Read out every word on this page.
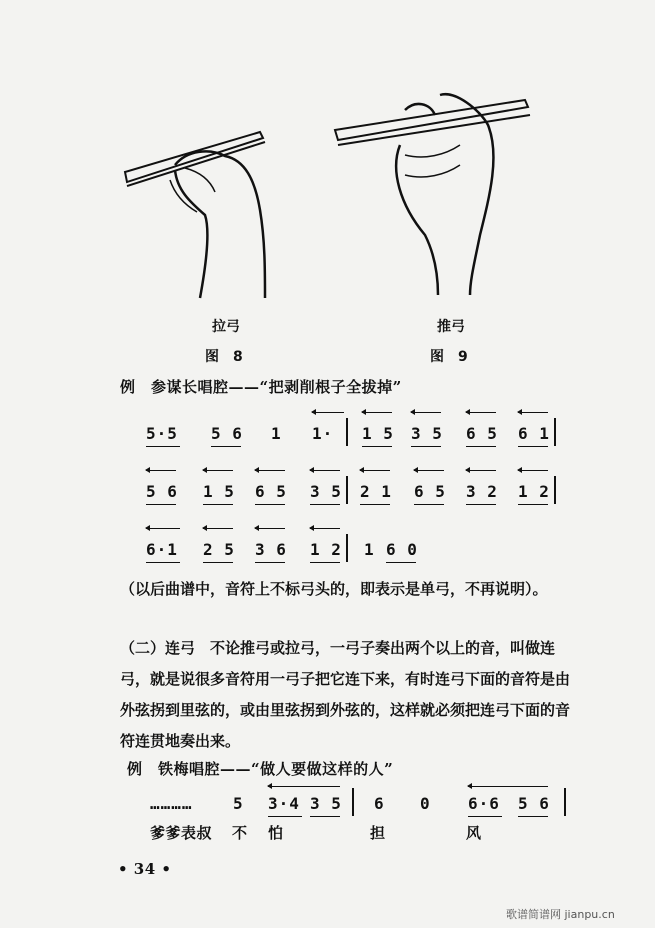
拉弓	推弓
图　8	图　9
例　参谋长唱腔——“把剥削根子全拔掉”
5·5 5 6 1 1· 1 5 3 5 6 5 6 1
5 6 1 5 6 5 3 5 2 1 6 5 3 2 1 2
6·1 2 5 3 6 1 2 1 6 0
（以后曲谱中，音符上不标弓头的，即表示是单弓，不再说明）。
（二）连弓　 不论推弓或拉弓，一弓子奏出两个以上的音，叫做连弓，就是说很多音符用一弓子把它连下来，有时连弓下面的音符是由外弦拐到里弦的，或由里弦拐到外弦的，这样就必须把连弓下面的音符连贯地奏出来。
例　铁梅唱腔——“做人要做这样的人”
…………	5 3·4 3 5 6 0 6·6 5 6
爹爹表叔 不 怕	担	风
• 34 •
歌谱简谱网 jianpu.cn
